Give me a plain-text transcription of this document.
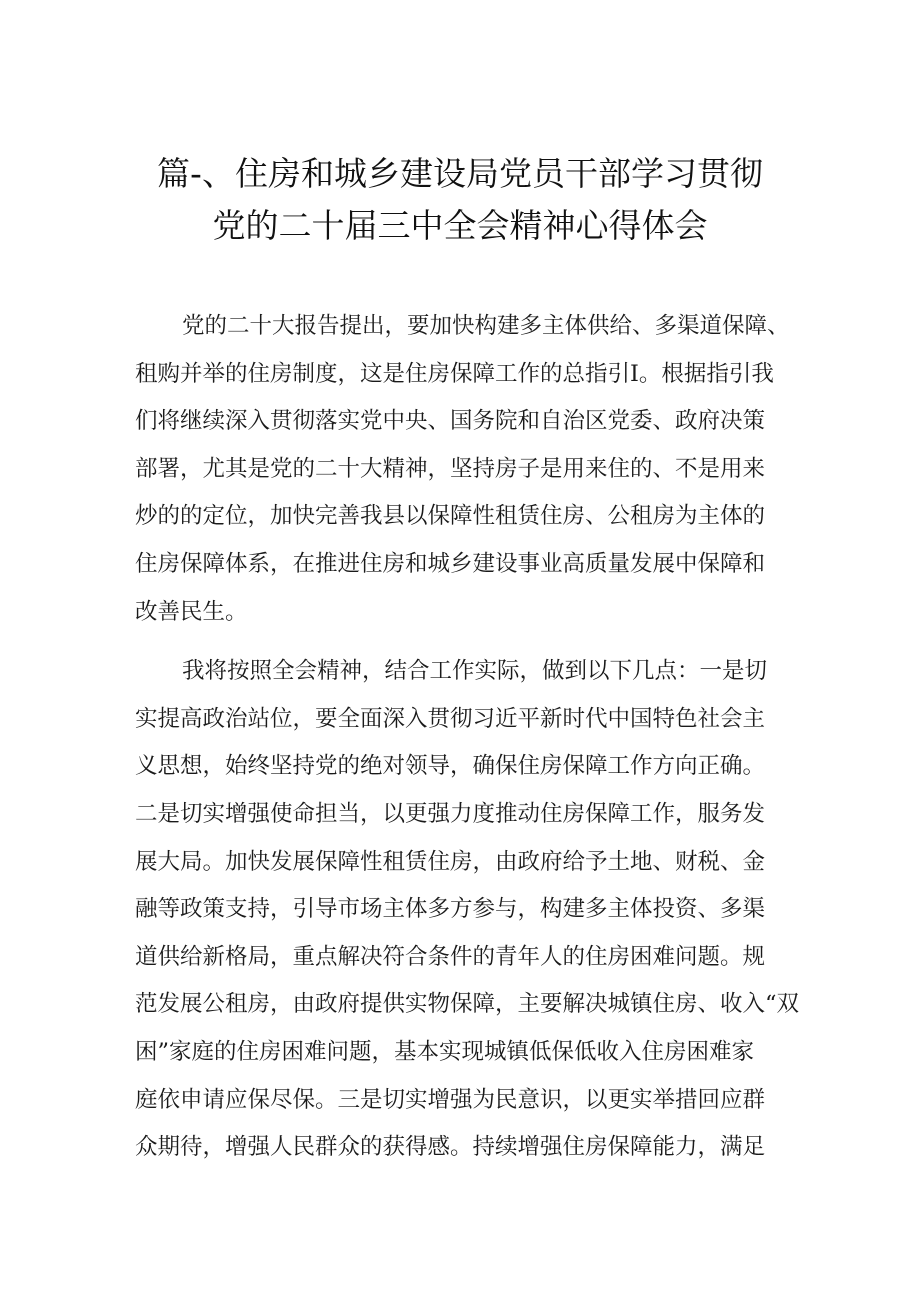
篇-、住房和城乡建设局党员干部学习贯彻
党的二十届三中全会精神心得体会

党的二十大报告提出，要加快构建多主体供给、多渠道保障、
租购并举的住房制度，这是住房保障工作的总指引I。根据指引我
们将继续深入贯彻落实党中央、国务院和自治区党委、政府决策
部署，尤其是党的二十大精神，坚持房子是用来住的、不是用来
炒的的定位，加快完善我县以保障性租赁住房、公租房为主体的
住房保障体系，在推进住房和城乡建设事业高质量发展中保障和
改善民生。

我将按照全会精神，结合工作实际，做到以下几点：一是切
实提高政治站位，要全面深入贯彻习近平新时代中国特色社会主
义思想，始终坚持党的绝对领导，确保住房保障工作方向正确。
二是切实增强使命担当，以更强力度推动住房保障工作，服务发
展大局。加快发展保障性租赁住房，由政府给予土地、财税、金
融等政策支持，引导市场主体多方参与，构建多主体投资、多渠
道供给新格局，重点解决符合条件的青年人的住房困难问题。规
范发展公租房，由政府提供实物保障，主要解决城镇住房、收入“双
困”家庭的住房困难问题，基本实现城镇低保低收入住房困难家
庭依申请应保尽保。三是切实增强为民意识，以更实举措回应群
众期待，增强人民群众的获得感。持续增强住房保障能力，满足
